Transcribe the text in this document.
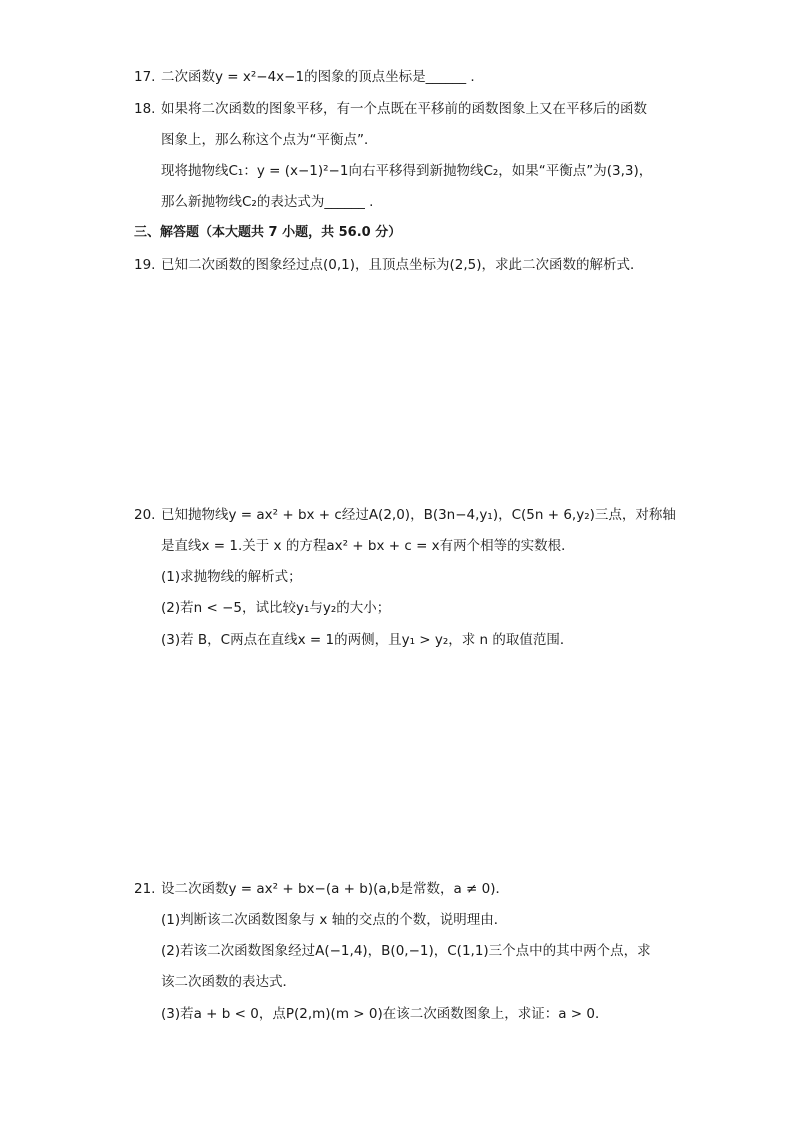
17. 二次函数y = x²−4x−1的图象的顶点坐标是______ .
18. 如果将二次函数的图象平移，有一个点既在平移前的函数图象上又在平移后的函数
图象上，那么称这个点为“平衡点”．
现将抛物线C₁：y = (x−1)²−1向右平移得到新抛物线C₂，如果“平衡点”为(3,3)，
那么新抛物线C₂的表达式为______ .
三、解答题（本大题共 7 小题，共 56.0 分）
19. 已知二次函数的图象经过点(0,1)，且顶点坐标为(2,5)，求此二次函数的解析式．
20. 已知抛物线y = ax² + bx + c经过A(2,0)，B(3n−4,y₁)，C(5n + 6,y₂)三点，对称轴
是直线x = 1.关于 x 的方程ax² + bx + c = x有两个相等的实数根．
(1)求抛物线的解析式；
(2)若n < −5，试比较y₁与y₂的大小；
(3)若 B，C两点在直线x = 1的两侧，且y₁ > y₂，求 n 的取值范围．
21. 设二次函数y = ax² + bx−(a + b)(a,b是常数，a ≠ 0)．
(1)判断该二次函数图象与 x 轴的交点的个数，说明理由．
(2)若该二次函数图象经过A(−1,4)，B(0,−1)，C(1,1)三个点中的其中两个点，求
该二次函数的表达式．
(3)若a + b < 0，点P(2,m)(m > 0)在该二次函数图象上，求证：a > 0．
